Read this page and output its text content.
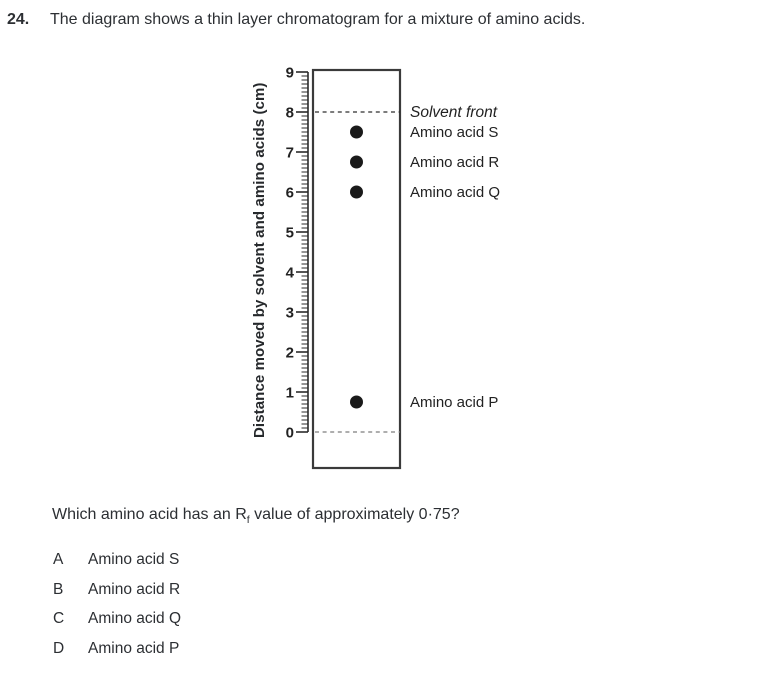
24. The diagram shows a thin layer chromatogram for a mixture of amino acids.
Distance moved by solvent and amino acids (cm)	0
1
2
3
4
5
6
7
8
9
Solvent front
Amino acid S
Amino acid R
Amino acid Q
Amino acid P
Which amino acid has an $R_f$ value of approximately 0·75?
A	Amino acid S
B	Amino acid R
C	Amino acid Q
D	Amino acid P
